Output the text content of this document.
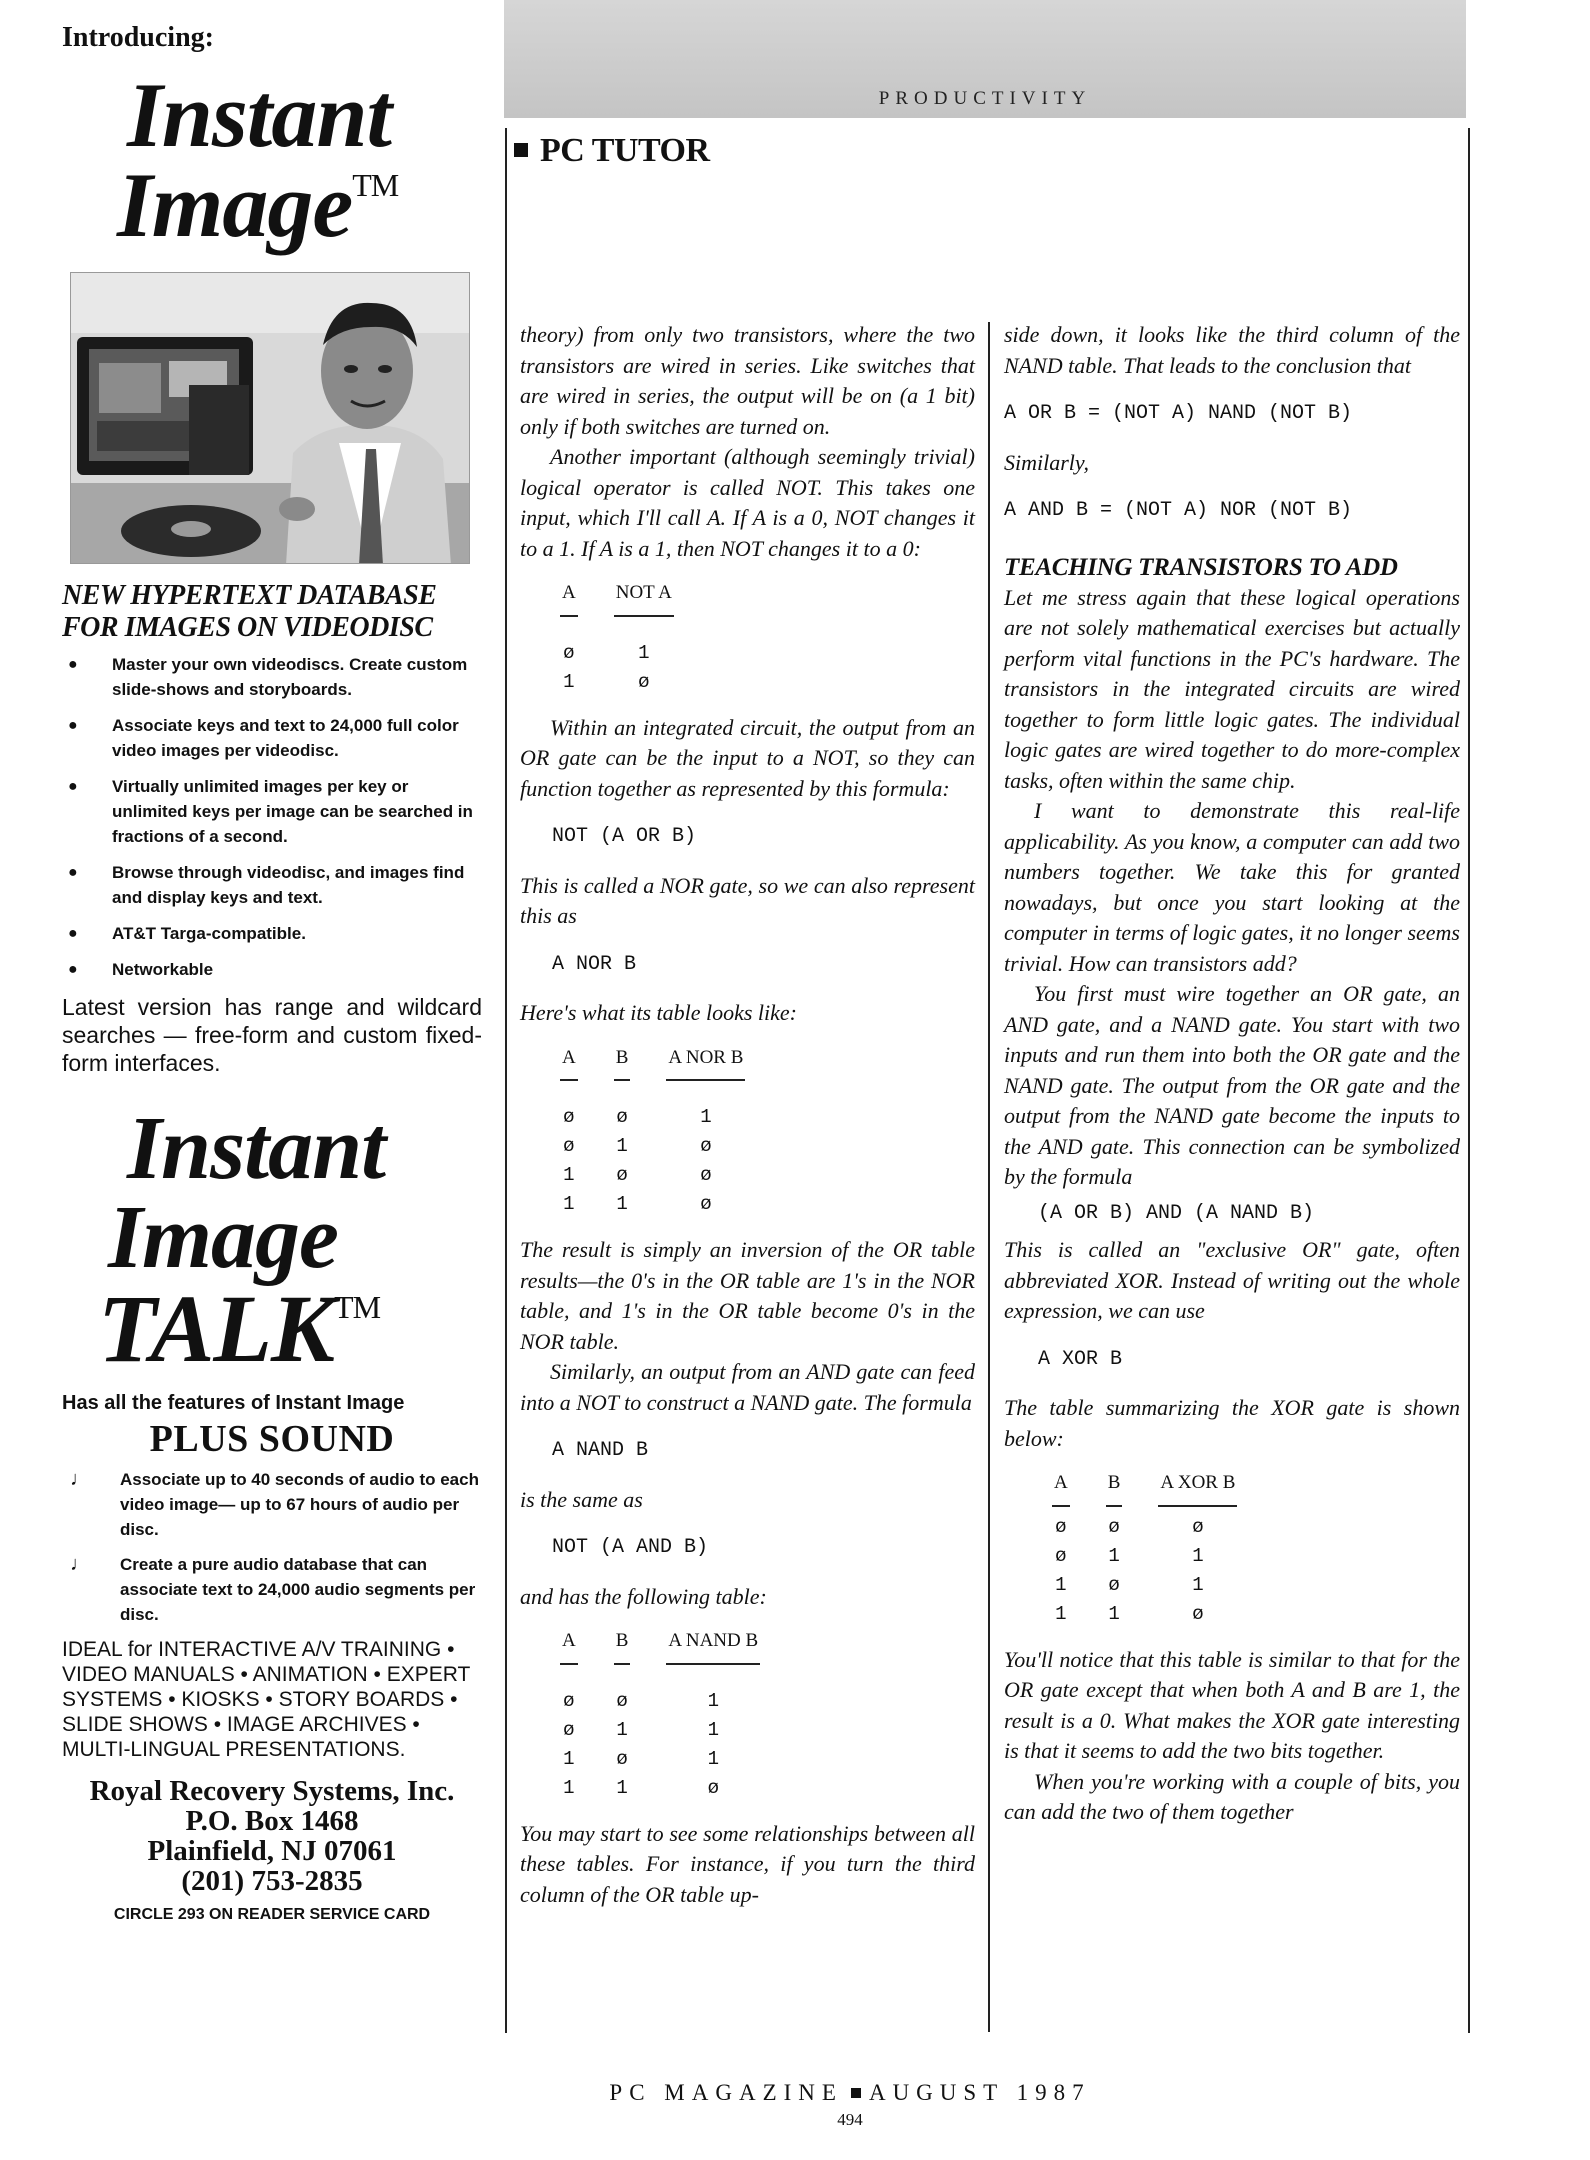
Introducing:
Instant
Image™
NEW HYPERTEXT DATABASE
FOR IMAGES ON VIDEODISC
● Master your own videodiscs. Create custom slide-shows and storyboards.
● Associate keys and text to 24,000 full color video images per videodisc.
● Virtually unlimited images per key or unlimited keys per image can be searched in fractions of a second.
● Browse through videodisc, and images find and display keys and text.
● AT&T Targa-compatible.
● Networkable
Latest version has range and wildcard searches — free-form and custom fixed-form interfaces.
Instant
Image
TALK™
Has all the features of Instant Image
PLUS SOUND
♩ Associate up to 40 seconds of audio to each video image— up to 67 hours of audio per disc.
♩ Create a pure audio database that can associate text to 24,000 audio segments per disc.
IDEAL for INTERACTIVE A/V TRAINING • VIDEO MANUALS • ANIMATION • EXPERT SYSTEMS • KIOSKS • STORY BOARDS • SLIDE SHOWS • IMAGE ARCHIVES • MULTI-LINGUAL PRESENTATIONS.
Royal Recovery Systems, Inc.
P.O. Box 1468
Plainfield, NJ 07061
(201) 753-2835
CIRCLE 293 ON READER SERVICE CARD
PRODUCTIVITY
PC TUTOR

theory) from only two transistors, where the two transistors are wired in series. Like switches that are wired in series, the output will be on (a 1 bit) only if both switches are turned on.

Another important (although seemingly trivial) logical operator is called NOT. This takes one input, which I'll call A. If A is a 0, NOT changes it to a 1. If A is a 1, then NOT changes it to a 0:

A	NOT A

ø	1
1	ø

Within an integrated circuit, the output from an OR gate can be the input to a NOT, so they can function together as represented by this formula:

NOT (A OR B)

This is called a NOR gate, so we can also represent this as

A NOR B

Here's what its table looks like:

A	B	A NOR B

ø	ø	1
ø	1	ø
1	ø	ø
1	1	ø

The result is simply an inversion of the OR table results—the 0's in the OR table are 1's in the NOR table, and 1's in the OR table become 0's in the NOR table.

Similarly, an output from an AND gate can feed into a NOT to construct a NAND gate. The formula

A NAND B

is the same as

NOT (A AND B)

and has the following table:

A	B	A NAND B

ø	ø	1
ø	1	1
1	ø	1
1	1	ø

You may start to see some relationships between all these tables. For instance, if you turn the third column of the OR table up-

side down, it looks like the third column of the NAND table. That leads to the conclusion that

A OR B = (NOT A) NAND (NOT B)

Similarly,

A AND B = (NOT A) NOR (NOT B)
TEACHING TRANSISTORS TO ADD

Let me stress again that these logical operations are not solely mathematical exercises but actually perform vital functions in the PC's hardware. The transistors in the integrated circuits are wired together to form little logic gates. The individual logic gates are wired together to do more-complex tasks, often within the same chip.

I want to demonstrate this real-life applicability. As you know, a computer can add two numbers together. We take this for granted nowadays, but once you start looking at the computer in terms of logic gates, it no longer seems trivial. How can transistors add?

You first must wire together an OR gate, an AND gate, and a NAND gate. You start with two inputs and run them into both the OR gate and the NAND gate. The output from the OR gate and the output from the NAND gate become the inputs to the AND gate. This connection can be symbolized by the formula

(A OR B) AND (A NAND B)

This is called an "exclusive OR" gate, often abbreviated XOR. Instead of writing out the whole expression, we can use

A XOR B

The table summarizing the XOR gate is shown below:

A	B	A XOR B
ø	ø	ø
ø	1	1
1	ø	1
1	1	ø

You'll notice that this table is similar to that for the OR gate except that when both A and B are 1, the result is a 0. What makes the XOR gate interesting is that it seems to add the two bits together.

When you're working with a couple of bits, you can add the two of them together

PC MAGAZINE AUGUST 1987
494
